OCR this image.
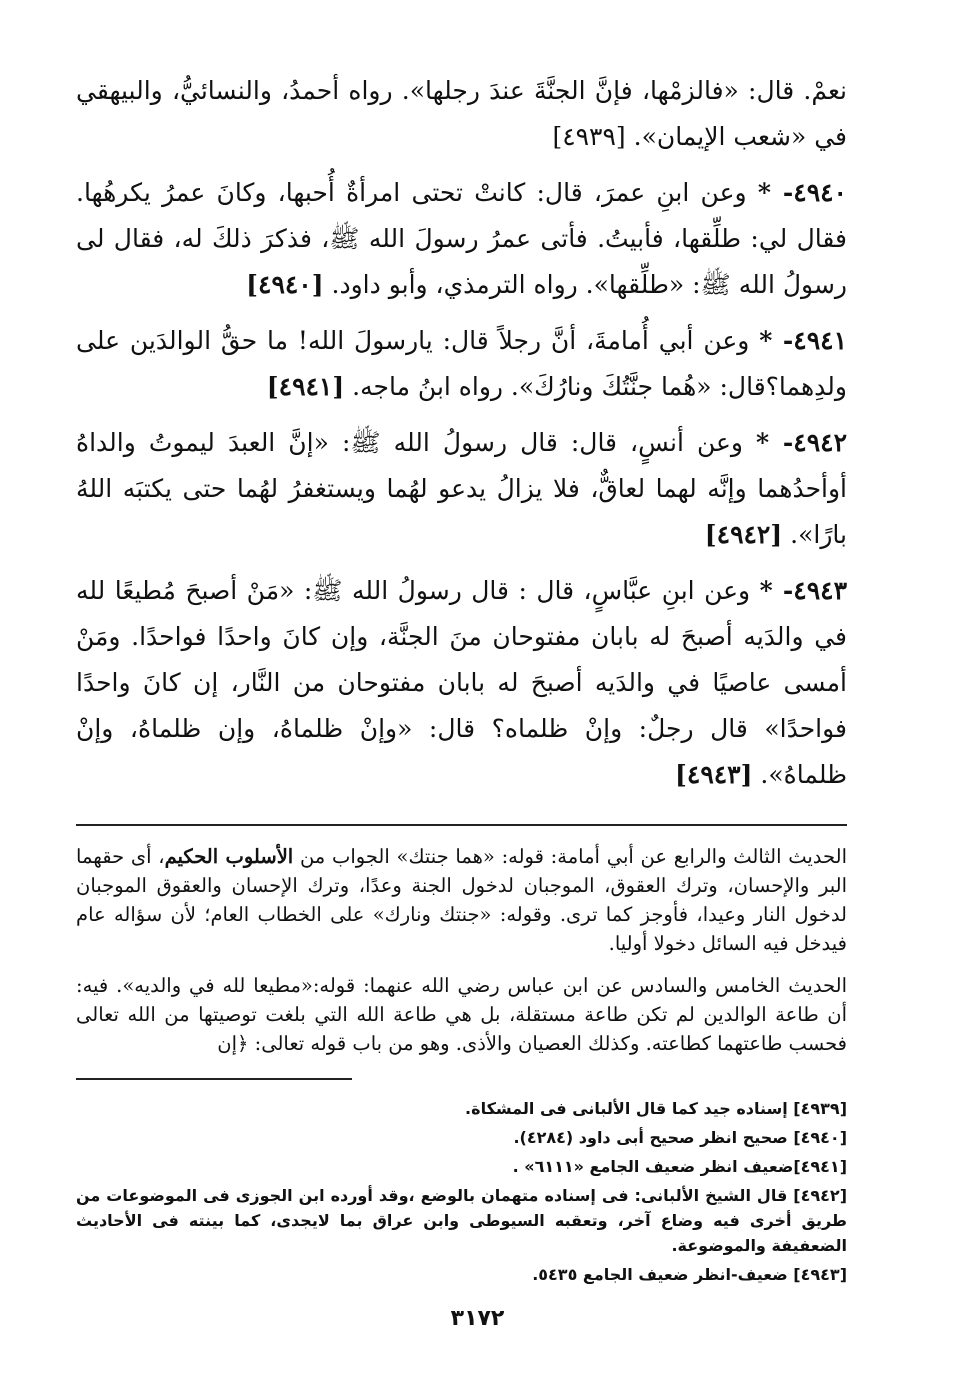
نعمْ. قال: «فالزمْها، فإنَّ الجنَّةَ عندَ رجلها». رواه أحمدُ، والنسائيُّ، والبيهقي في «شعب الإيمان». [٤٩٣٩]

٤٩٤٠- * وعن ابنِ عمرَ، قال: كانتْ تحتى امرأةٌ أُحبها، وكانَ عمرُ يكرهُها. فقال لي: طلِّقها، فأبيتُ. فأتى عمرُ رسولَ الله ﷺ، فذكرَ ذلكَ له، فقال لى رسولُ الله ﷺ: «طلِّقها». رواه الترمذي، وأبو داود. [٤٩٤٠]

٤٩٤١- * وعن أبي أُمامةَ، أنَّ رجلاً قال: يارسولَ الله! ما حقُّ الوالدَين على ولدِهما؟قال: «هُما جنَّتُكَ ونارُكَ». رواه ابنُ ماجه. [٤٩٤١]

٤٩٤٢- * وعن أنسٍ، قال: قال رسولُ الله ﷺ: «إنَّ العبدَ ليموتُ والداهُ أوأحدُهما وإنَّه لهما لعاقٌّ، فلا يزالُ يدعو لهُما ويستغفرُ لهُما حتى يكتبَه اللهُ بارًا». [٤٩٤٢]

٤٩٤٣- * وعن ابنِ عبَّاسٍ، قال : قال رسولُ الله ﷺ: «مَنْ أصبحَ مُطيعًا لله في والدَيه أصبحَ له بابان مفتوحان منَ الجنَّة، وإن كانَ واحدًا فواحدًا. ومَنْ أمسى عاصيًا في والدَيه أصبحَ له بابان مفتوحان من النَّار، إن كانَ واحدًا فواحدًا» قال رجلٌ: وإنْ ظلماه؟ قال: «وإنْ ظلماهُ، وإن ظلماهُ، وإنْ ظلماهُ». [٤٩٤٣]

الحديث الثالث والرابع عن أبي أمامة: قوله: «هما جنتك» الجواب من الأسلوب الحكيم، أى حقهما البر والإحسان، وترك العقوق، الموجبان لدخول الجنة وعدًا، وترك الإحسان والعقوق الموجبان لدخول النار وعيدا، فأوجز كما ترى. وقوله: «جنتك ونارك» على الخطاب العام؛ لأن سؤاله عام فيدخل فيه السائل دخولا أوليا.

الحديث الخامس والسادس عن ابن عباس رضي الله عنهما: قوله:«مطيعا لله في والديه». فيه: أن طاعة الوالدين لم تكن طاعة مستقلة، بل هي طاعة الله التي بلغت توصيتها من الله تعالى فحسب طاعتهما كطاعته. وكذلك العصيان والأذى. وهو من باب قوله تعالى: ﴿إن

[٤٩٣٩] إسناده جيد كما قال الألبانى فى المشكاة.

[٤٩٤٠] صحيح انظر صحيح أبى داود (٤٢٨٤).

[٤٩٤١]ضعيف انظر ضعيف الجامع «٦١١١» .

[٤٩٤٢] قال الشيخ الألبانى: فى إسناده متهمان بالوضع ،وقد أورده ابن الجوزى فى الموضوعات من طريق أخرى فيه وضاع آخر، وتعقبه السيوطى وابن عراق بما لايجدى، كما بينته فى الأحاديث الضعفيفة والموضوعة.

[٤٩٤٣] ضعيف-انظر ضعيف الجامع ٥٤٣٥.

٣١٧٢
